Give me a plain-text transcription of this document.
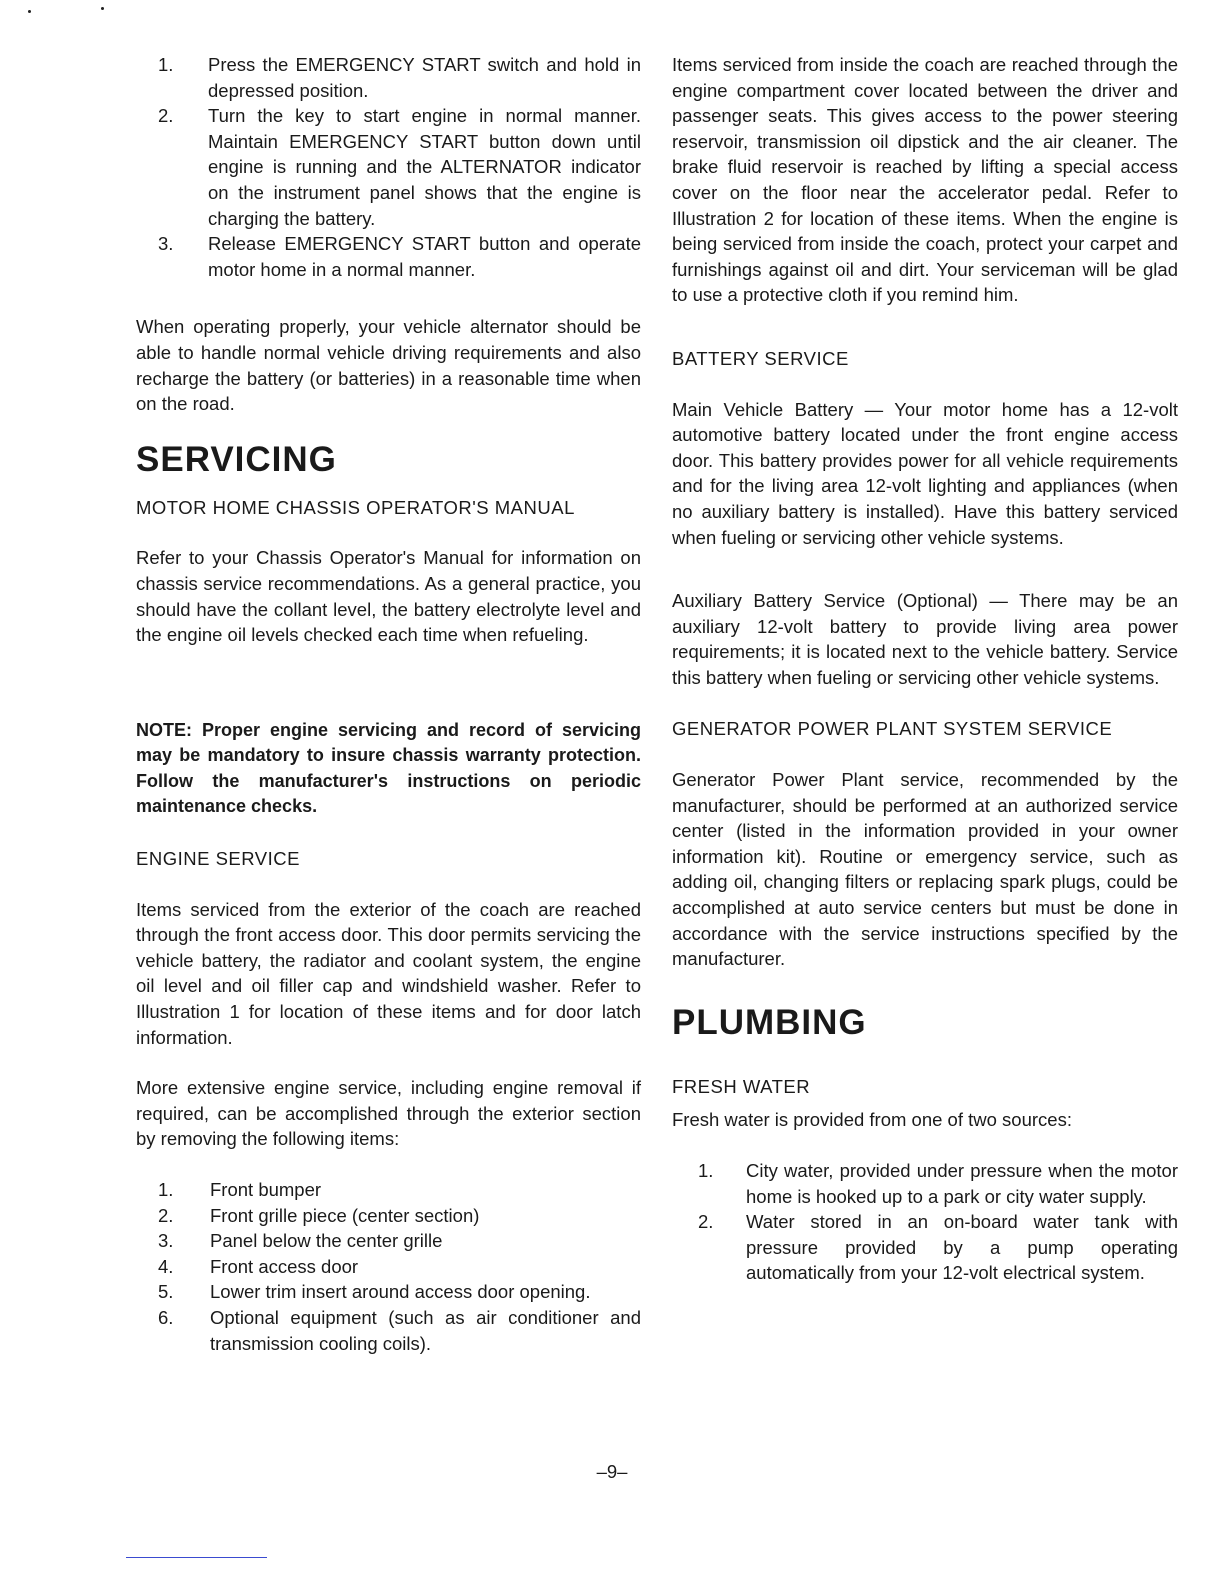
1.	Press the EMERGENCY START switch and hold in depressed position.
2.	Turn the key to start engine in normal manner. Maintain EMERGENCY START button down until engine is running and the ALTERNATOR indicator on the instrument panel shows that the engine is charging the battery.
3.	Release EMERGENCY START button and operate motor home in a normal manner.

When operating properly, your vehicle alternator should be able to handle normal vehicle driving requirements and also recharge the battery (or batteries) in a reasonable time when on the road.

SERVICING
MOTOR HOME CHASSIS OPERATOR'S MANUAL

Refer to your Chassis Operator's Manual for information on chassis service recommendations. As a general practice, you should have the collant level, the battery electrolyte level and the engine oil levels checked each time when refueling.

NOTE: Proper engine servicing and record of servicing may be mandatory to insure chassis warranty protection. Follow the manufacturer's instructions on periodic maintenance checks.

ENGINE SERVICE

Items serviced from the exterior of the coach are reached through the front access door. This door permits servicing the vehicle battery, the radiator and coolant system, the engine oil level and oil filler cap and windshield washer. Refer to Illustration 1 for location of these items and for door latch information.

More extensive engine service, including engine removal if required, can be accomplished through the exterior section by removing the following items:

1.	Front bumper
2.	Front grille piece (center section)
3.	Panel below the center grille
4.	Front access door
5.	Lower trim insert around access door opening.
6.	Optional equipment (such as air conditioner and transmission cooling coils).

Items serviced from inside the coach are reached through the engine compartment cover located between the driver and passenger seats. This gives access to the power steering reservoir, transmission oil dipstick and the air cleaner. The brake fluid reservoir is reached by lifting a special access cover on the floor near the accelerator pedal. Refer to Illustration 2 for location of these items. When the engine is being serviced from inside the coach, protect your carpet and furnishings against oil and dirt. Your serviceman will be glad to use a protective cloth if you remind him.

BATTERY SERVICE

Main Vehicle Battery — Your motor home has a 12-volt automotive battery located under the front engine access door. This battery provides power for all vehicle requirements and for the living area 12-volt lighting and appliances (when no auxiliary battery is installed). Have this battery serviced when fueling or servicing other vehicle systems.

Auxiliary Battery Service (Optional) — There may be an auxiliary 12-volt battery to provide living area power requirements; it is located next to the vehicle battery. Service this battery when fueling or servicing other vehicle systems.

GENERATOR POWER PLANT SYSTEM SERVICE

Generator Power Plant service, recommended by the manufacturer, should be performed at an authorized service center (listed in the information provided in your owner information kit). Routine or emergency service, such as adding oil, changing filters or replacing spark plugs, could be accomplished at auto service centers but must be done in accordance with the service instructions specified by the manufacturer.

PLUMBING
FRESH WATER

Fresh water is provided from one of two sources:

1.	City water, provided under pressure when the motor home is hooked up to a park or city water supply.
2.	Water stored in an on-board water tank with pressure provided by a pump operating automatically from your 12-volt electrical system.
–9–
